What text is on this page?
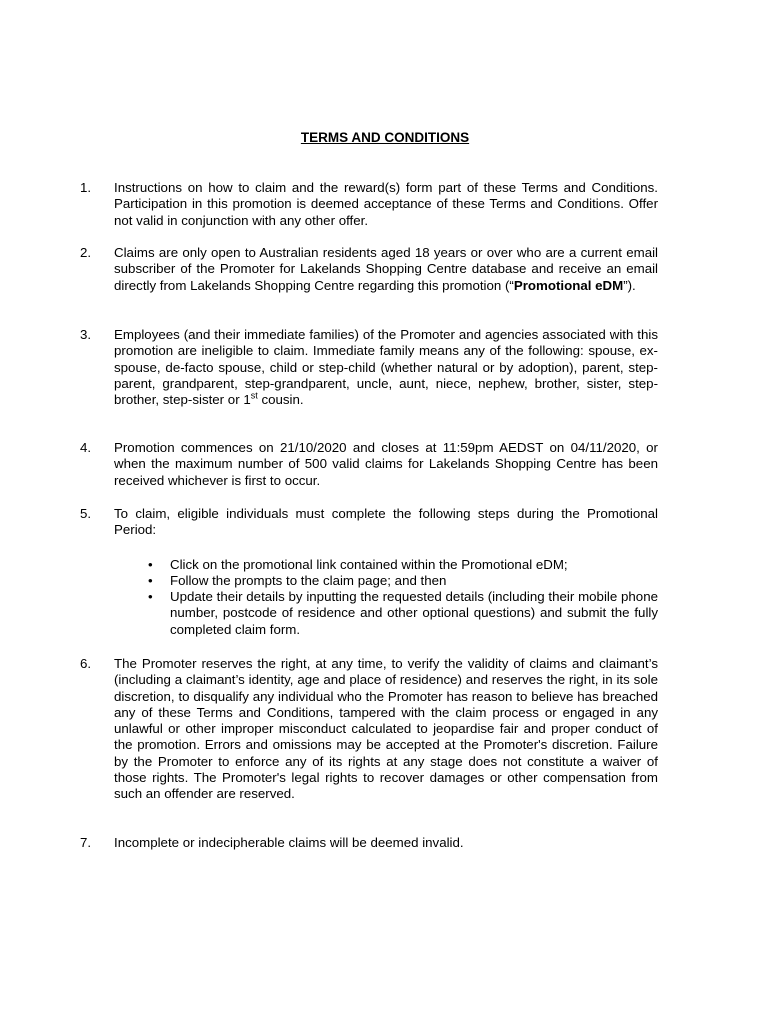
TERMS AND CONDITIONS
1.	Instructions on how to claim and the reward(s) form part of these Terms and Conditions. Participation in this promotion is deemed acceptance of these Terms and Conditions. Offer not valid in conjunction with any other offer.
2.	Claims are only open to Australian residents aged 18 years or over who are a current email subscriber of the Promoter for Lakelands Shopping Centre database and receive an email directly from Lakelands Shopping Centre regarding this promotion (“Promotional eDM”).
3.	Employees (and their immediate families) of the Promoter and agencies associated with this promotion are ineligible to claim. Immediate family means any of the following: spouse, ex-spouse, de-facto spouse, child or step-child (whether natural or by adoption), parent, step-parent, grandparent, step-grandparent, uncle, aunt, niece, nephew, brother, sister, step-brother, step-sister or 1st cousin.
4.	Promotion commences on 21/10/2020 and closes at 11:59pm AEDST on 04/11/2020, or when the maximum number of 500 valid claims for Lakelands Shopping Centre has been received whichever is first to occur.
5.	To claim, eligible individuals must complete the following steps during the Promotional Period:
• Click on the promotional link contained within the Promotional eDM;
• Follow the prompts to the claim page; and then
• Update their details by inputting the requested details (including their mobile phone number, postcode of residence and other optional questions) and submit the fully completed claim form.
6.	The Promoter reserves the right, at any time, to verify the validity of claims and claimant’s (including a claimant’s identity, age and place of residence) and reserves the right, in its sole discretion, to disqualify any individual who the Promoter has reason to believe has breached any of these Terms and Conditions, tampered with the claim process or engaged in any unlawful or other improper misconduct calculated to jeopardise fair and proper conduct of the promotion. Errors and omissions may be accepted at the Promoter's discretion. Failure by the Promoter to enforce any of its rights at any stage does not constitute a waiver of those rights. The Promoter's legal rights to recover damages or other compensation from such an offender are reserved.
7.	Incomplete or indecipherable claims will be deemed invalid.
